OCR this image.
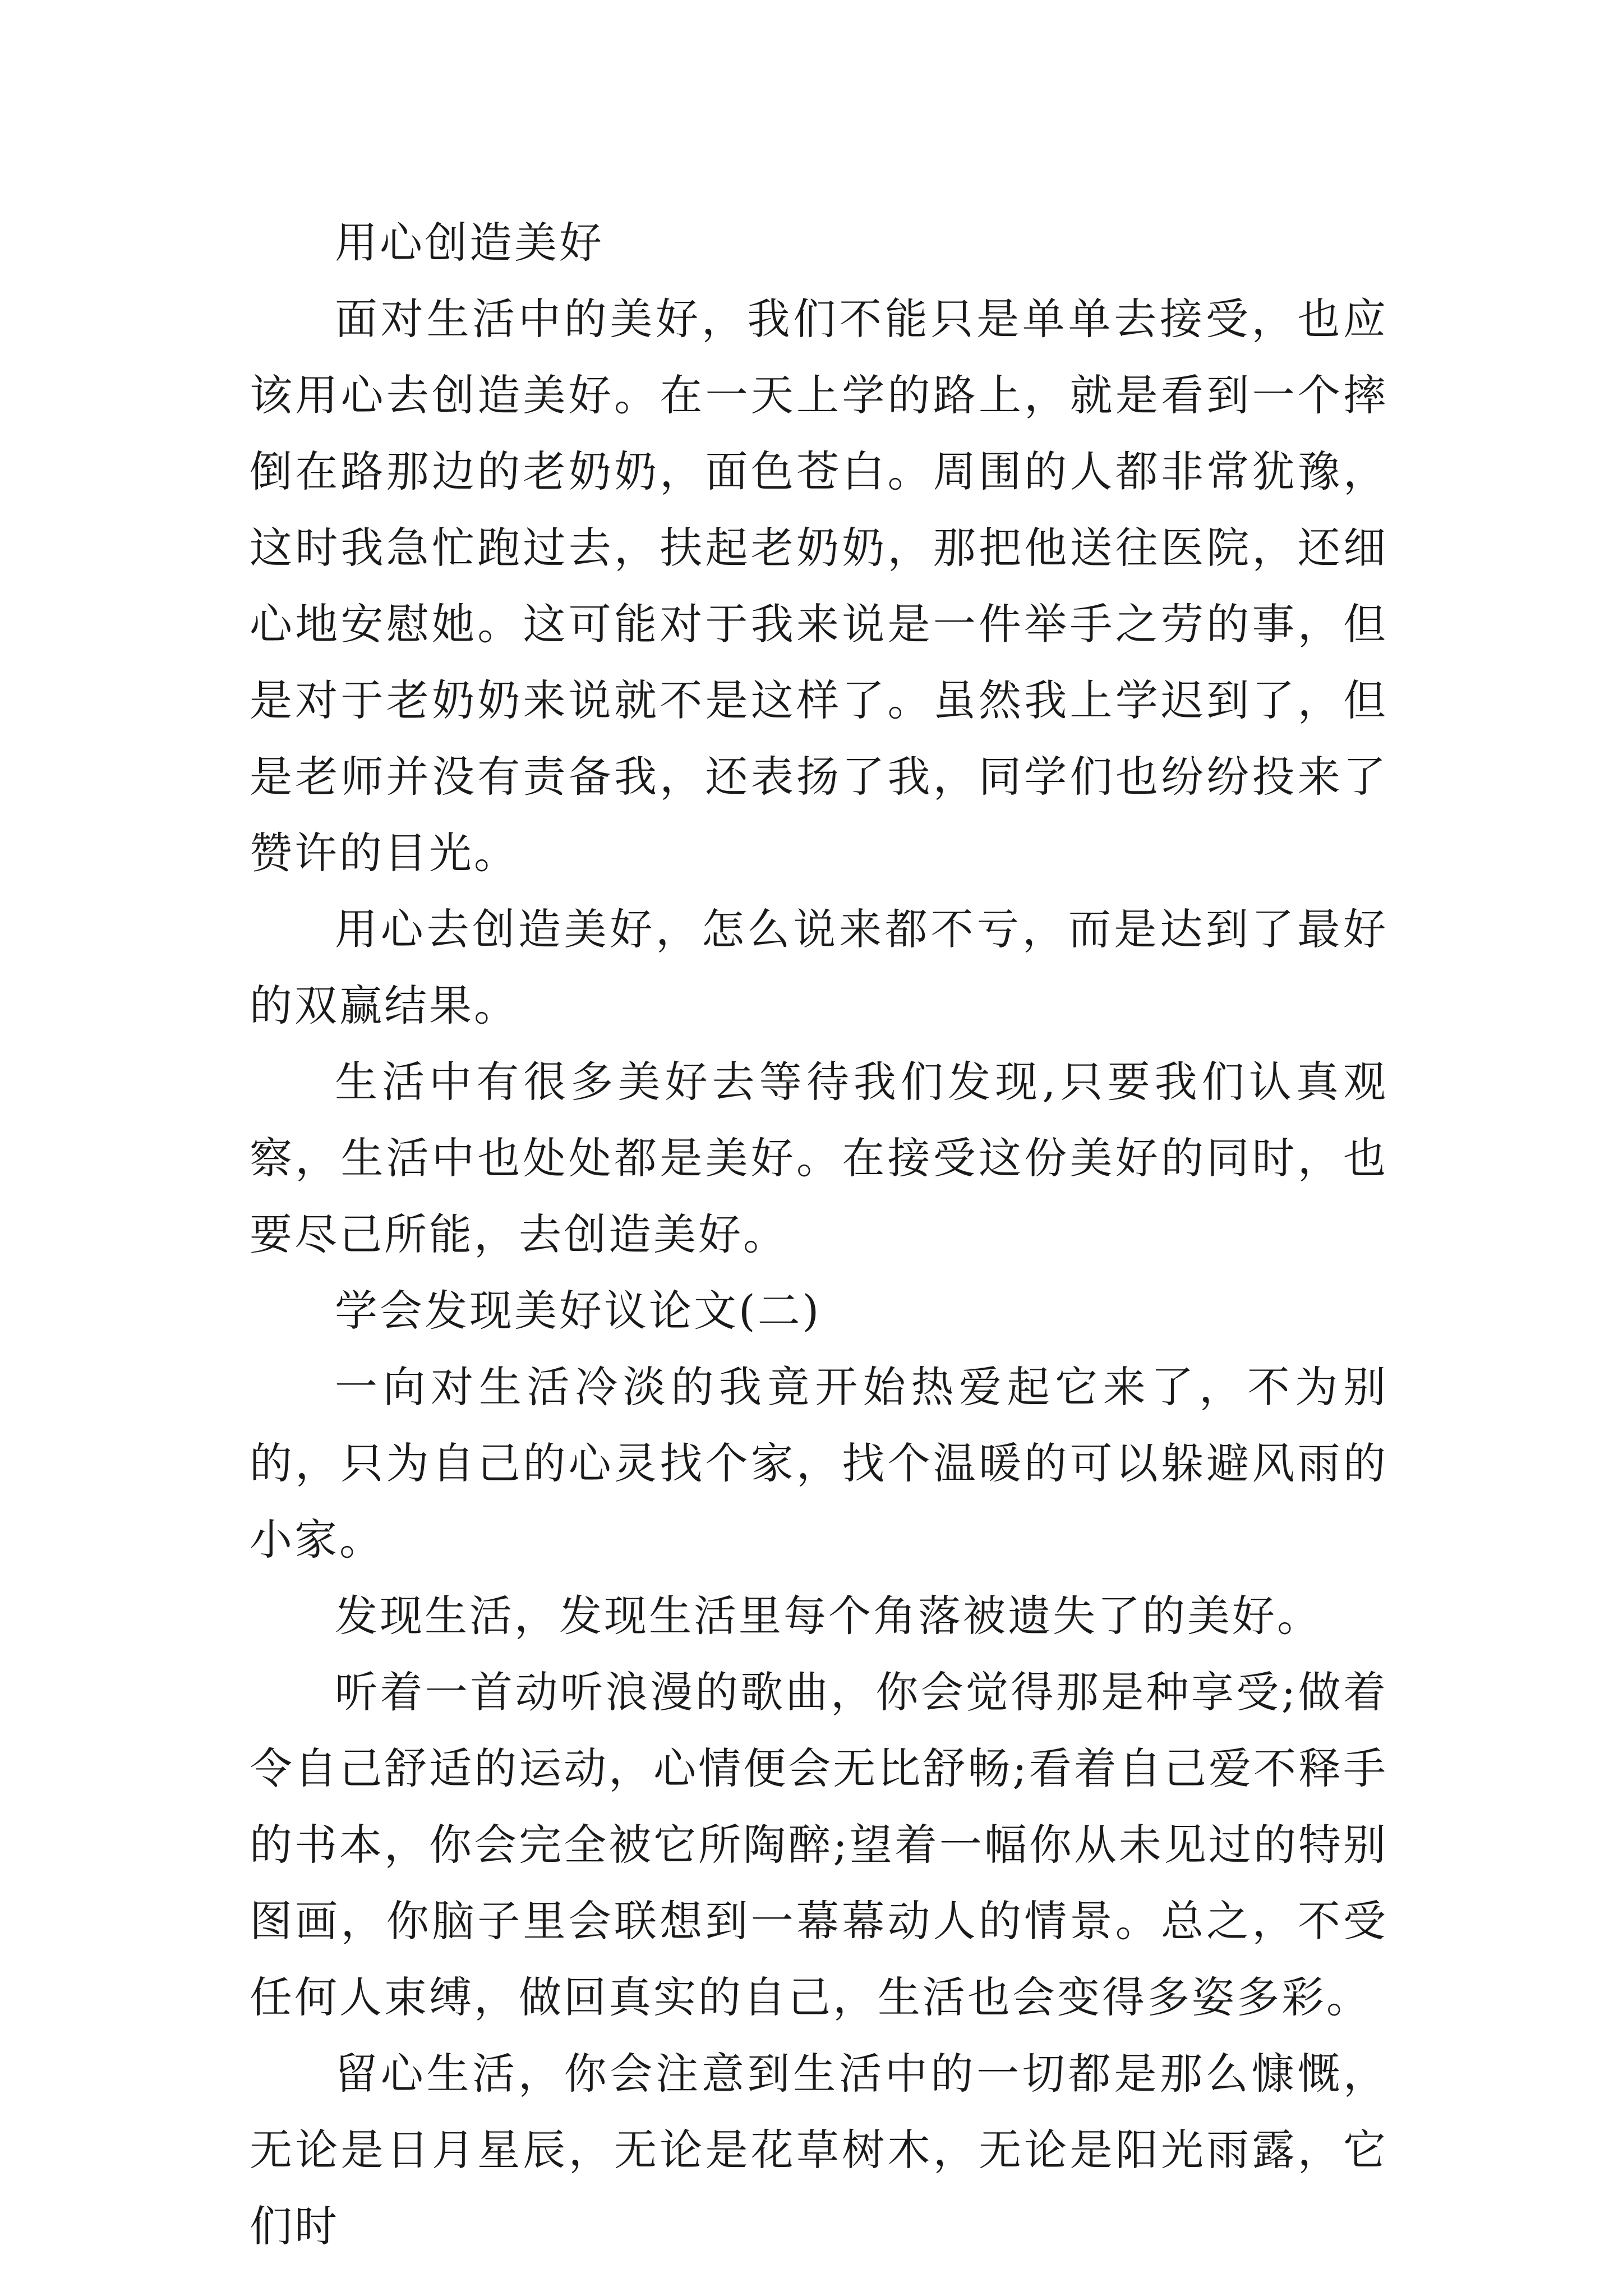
用心创造美好

面对生活中的美好，我们不能只是单单去接受，也应该用心去创造美好。在一天上学的路上，就是看到一个摔倒在路那边的老奶奶，面色苍白。周围的人都非常犹豫，这时我急忙跑过去，扶起老奶奶，那把他送往医院，还细心地安慰她。这可能对于我来说是一件举手之劳的事，但是对于老奶奶来说就不是这样了。虽然我上学迟到了，但是老师并没有责备我，还表扬了我，同学们也纷纷投来了赞许的目光。

用心去创造美好，怎么说来都不亏，而是达到了最好的双赢结果。

生活中有很多美好去等待我们发现,只要我们认真观察，生活中也处处都是美好。在接受这份美好的同时，也要尽己所能，去创造美好。

学会发现美好议论文(二)

一向对生活冷淡的我竟开始热爱起它来了，不为别的，只为自己的心灵找个家，找个温暖的可以躲避风雨的小家。

发现生活，发现生活里每个角落被遗失了的美好。

听着一首动听浪漫的歌曲，你会觉得那是种享受;做着令自己舒适的运动，心情便会无比舒畅;看着自己爱不释手的书本，你会完全被它所陶醉;望着一幅你从未见过的特别图画，你脑子里会联想到一幕幕动人的情景。总之，不受任何人束缚，做回真实的自己，生活也会变得多姿多彩。

留心生活，你会注意到生活中的一切都是那么慷慨，无论是日月星辰，无论是花草树木，无论是阳光雨露，它们时
